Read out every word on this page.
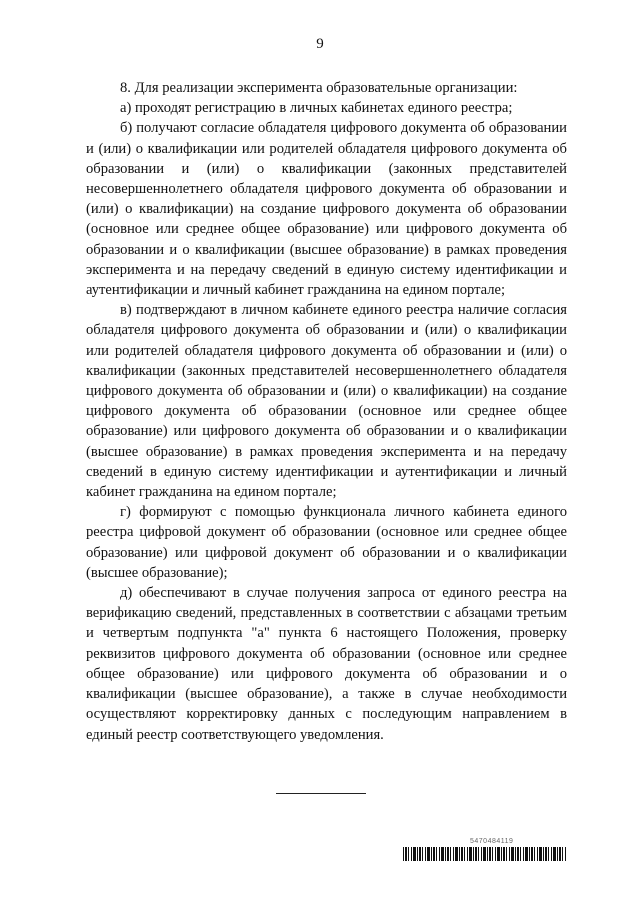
9

8. Для реализации эксперимента образовательные организации:

а) проходят регистрацию в личных кабинетах единого реестра;

б) получают согласие обладателя цифрового документа об образовании и (или) о квалификации или родителей обладателя цифрового документа об образовании и (или) о квалификации (законных представителей несовершеннолетнего обладателя цифрового документа об образовании и (или) о квалификации) на создание цифрового документа об образовании (основное или среднее общее образование) или цифрового документа об образовании и о квалификации (высшее образование) в рамках проведения эксперимента и на передачу сведений в единую систему идентификации и аутентификации и личный кабинет гражданина на едином портале;

в) подтверждают в личном кабинете единого реестра наличие согласия обладателя цифрового документа об образовании и (или) о квалификации или родителей обладателя цифрового документа об образовании и (или) о квалификации (законных представителей несовершеннолетнего обладателя цифрового документа об образовании и (или) о квалификации) на создание цифрового документа об образовании (основное или среднее общее образование) или цифрового документа об образовании и о квалификации (высшее образование) в рамках проведения эксперимента и на передачу сведений в единую систему идентификации и аутентификации и личный кабинет гражданина на едином портале;

г) формируют с помощью функционала личного кабинета единого реестра цифровой документ об образовании (основное или среднее общее образование) или цифровой документ об образовании и о квалификации (высшее образование);

д) обеспечивают в случае получения запроса от единого реестра на верификацию сведений, представленных в соответствии с абзацами третьим и четвертым подпункта "а" пункта 6 настоящего Положения, проверку реквизитов цифрового документа об образовании (основное или среднее общее образование) или цифрового документа об образовании и о квалификации (высшее образование), а также в случае необходимости осуществляют корректировку данных с последующим направлением в единый реестр соответствующего уведомления.

5470484119
